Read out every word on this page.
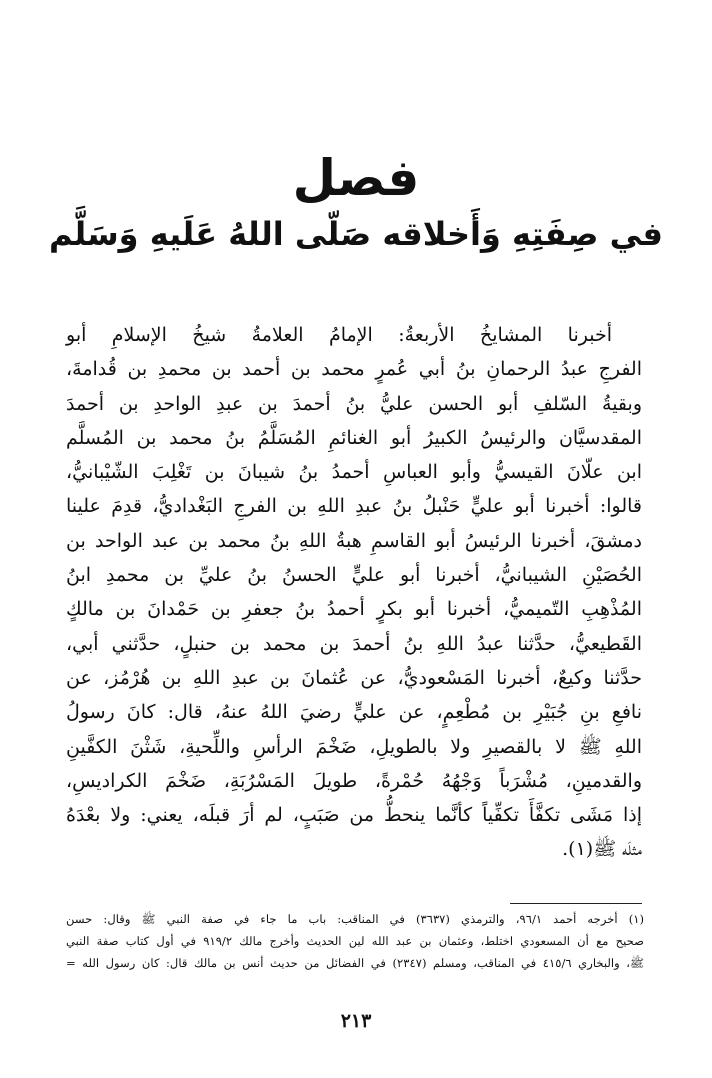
فصل
في صِفَتِهِ وَأَخلاقه صَلّى اللهُ عَلَيهِ وَسَلَّم
أخبرنا المشايخُ الأربعةُ: الإمامُ العلامةُ شيخُ الإسلامِ أبو
الفرجِ عبدُ الرحمانِ بنُ أبي عُمرٍ محمد بن أحمد بن محمدِ بن قُدامةَ،
وبقيةُ السّلفِ أبو الحسن عليُّ بنُ أحمدَ بن عبدِ الواحدِ بن أحمدَ
المقدسيَّان والرئيسُ الكبيرُ أبو الغنائمِ المُسَلَّمُ بنُ محمد بن المُسلَّم
ابن علّانَ القيسيُّ وأبو العباسِ أحمدُ بنُ شيبانَ بن تَغْلِبَ الشّيْبانيُّ،
قالوا: أخبرنا أبو عليٍّ حَنْبلُ بنُ عبدِ اللهِ بن الفرجِ البَغْداديُّ، قدِمَ علينا
دمشقَ، أخبرنا الرئيسُ أبو القاسمِ هبةُ اللهِ بنُ محمد بن عبد الواحد بن
الحُصَيْنِ الشيبانيُّ، أخبرنا أبو عليٍّ الحسنُ بنُ عليِّ بن محمدِ ابنُ
المُذْهِبِ التّميميُّ، أخبرنا أبو بكرٍ أحمدُ بنُ جعفرِ بن حَمْدانَ بن مالكٍ
القَطيعيُّ، حدَّثنا عبدُ اللهِ بنُ أحمدَ بن محمد بن حنبلٍ، حدَّثني أبي،
حدَّثنا وكيعٌ، أخبرنا المَسْعوديُّ، عن عُثمانَ بن عبدِ اللهِ بن هُرْمُز، عن
نافعِ بنِ جُبَيْرِ بن مُطْعِمٍ، عن عليٍّ رضيَ اللهُ عنهُ، قال: كانَ رسولُ
اللهِ ﷺ لا بالقصيرِ ولا بالطويلِ، ضَخْمَ الرأسِ واللِّحيةِ، شَثْنَ الكفَّينِ
والقدمينِ، مُشْرَباً وَجْهُهُ حُمْرةً، طويلَ المَسْرُبَةِ، ضَخْمَ الكراديسِ،
إذا مَشَى تكفَّأَ تكفِّياً كأنَّما ينحطُّ من صَبَبٍ، لم أرَ قبلَه، يعني: ولا بعْدَهُ
مثلَه ﷺ(١).
(١) أخرجه أحمد ٩٦/١، والترمذي (٣٦٣٧) في المناقب: باب ما جاء في صفة النبي ﷺ وقال: حسن
صحيح مع أن المسعودي اختلط، وعثمان بن عبد الله لين الحديث وأخرج مالك ٩١٩/٢ في أول كتاب صفة النبي
ﷺ، والبخاري ٤١٥/٦ في المناقب، ومسلم (٢٣٤٧) في الفضائل من حديث أنس بن مالك قال: كان رسول الله =
٢١٣
